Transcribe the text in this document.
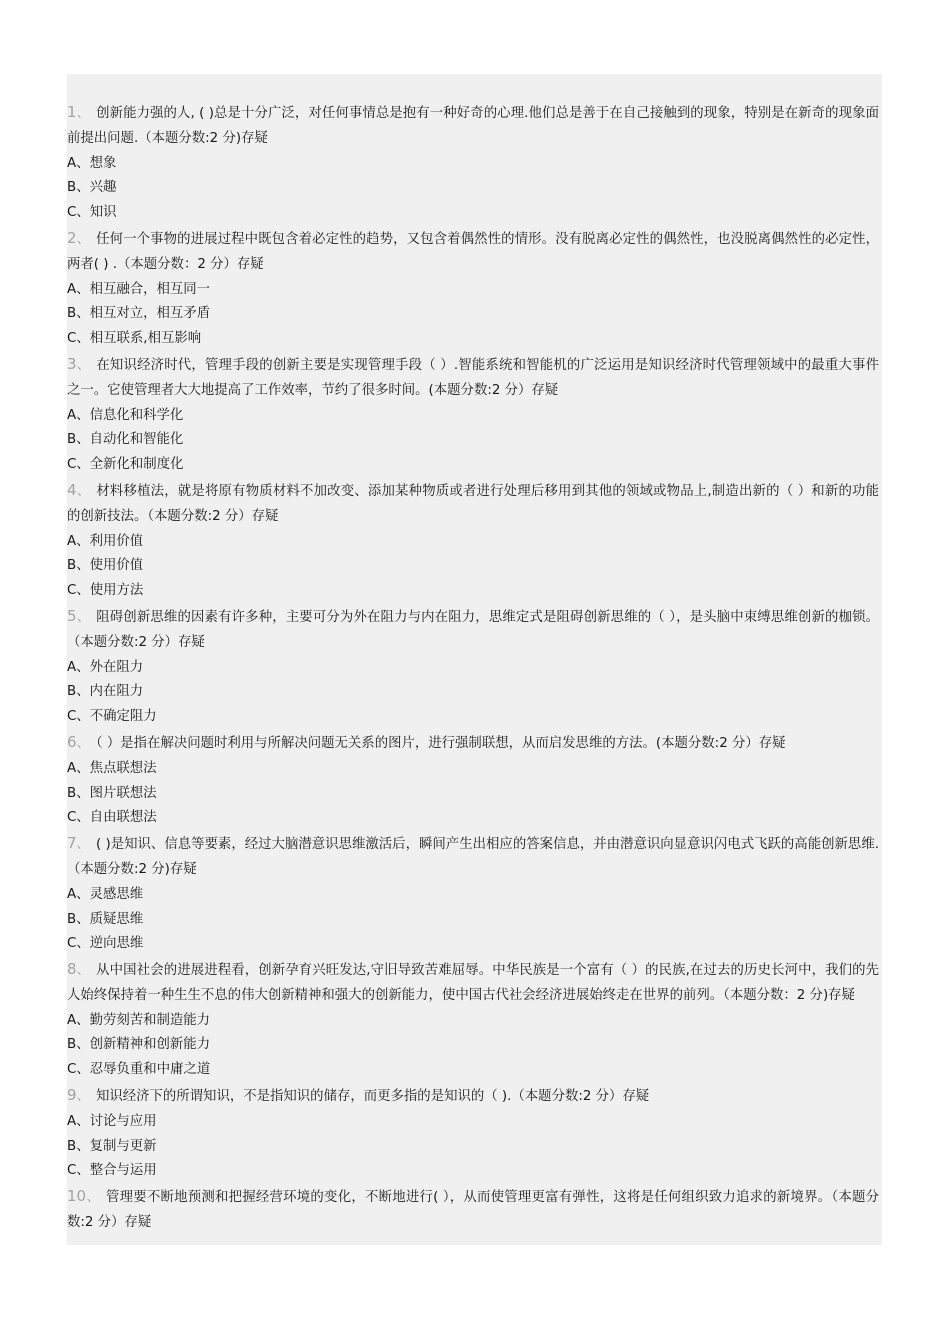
1、 创新能力强的人, ( )总是十分广泛，对任何事情总是抱有一种好奇的心理.他们总是善于在自己接触到的现象，特别是在新奇的现象面前提出问题.（本题分数:2 分)存疑

A、想象

B、兴趣

C、知识

2、 任何一个事物的进展过程中既包含着必定性的趋势，又包含着偶然性的情形。没有脱离必定性的偶然性，也没脱离偶然性的必定性，两者( ) .（本题分数：2 分）存疑

A、相互融合，相互同一

B、相互对立，相互矛盾

C、相互联系,相互影响

3、 在知识经济时代，管理手段的创新主要是实现管理手段（ ）.智能系统和智能机的广泛运用是知识经济时代管理领域中的最重大事件之一。它使管理者大大地提高了工作效率，节约了很多时间。(本题分数:2 分）存疑

A、信息化和科学化

B、自动化和智能化

C、全新化和制度化

4、 材料移植法，就是将原有物质材料不加改变、添加某种物质或者进行处理后移用到其他的领域或物品上,制造出新的（ ）和新的功能的创新技法。（本题分数:2 分）存疑

A、利用价值

B、使用价值

C、使用方法

5、 阻碍创新思维的因素有许多种，主要可分为外在阻力与内在阻力，思维定式是阻碍创新思维的（ ），是头脑中束缚思维创新的枷锁。（本题分数:2 分）存疑

A、外在阻力

B、内在阻力

C、不确定阻力

6、 （ ）是指在解决问题时利用与所解决问题无关系的图片，进行强制联想，从而启发思维的方法。(本题分数:2 分）存疑

A、焦点联想法

B、图片联想法

C、自由联想法

7、 ( )是知识、信息等要素，经过大脑潜意识思维激活后，瞬间产生出相应的答案信息，并由潜意识向显意识闪电式飞跃的高能创新思维.（本题分数:2 分)存疑

A、灵感思维

B、质疑思维

C、逆向思维

8、 从中国社会的进展进程看，创新孕育兴旺发达,守旧导致苦难屈辱。中华民族是一个富有（ ）的民族,在过去的历史长河中，我们的先人始终保持着一种生生不息的伟大创新精神和强大的创新能力，使中国古代社会经济进展始终走在世界的前列。（本题分数：2 分)存疑

A、勤劳刻苦和制造能力

B、创新精神和创新能力

C、忍辱负重和中庸之道

9、 知识经济下的所谓知识，不是指知识的储存，而更多指的是知识的（ ).（本题分数:2 分）存疑

A、讨论与应用

B、复制与更新

C、整合与运用

10、 管理要不断地预测和把握经营环境的变化，不断地进行( ），从而使管理更富有弹性，这将是任何组织致力追求的新境界。（本题分数:2 分）存疑
